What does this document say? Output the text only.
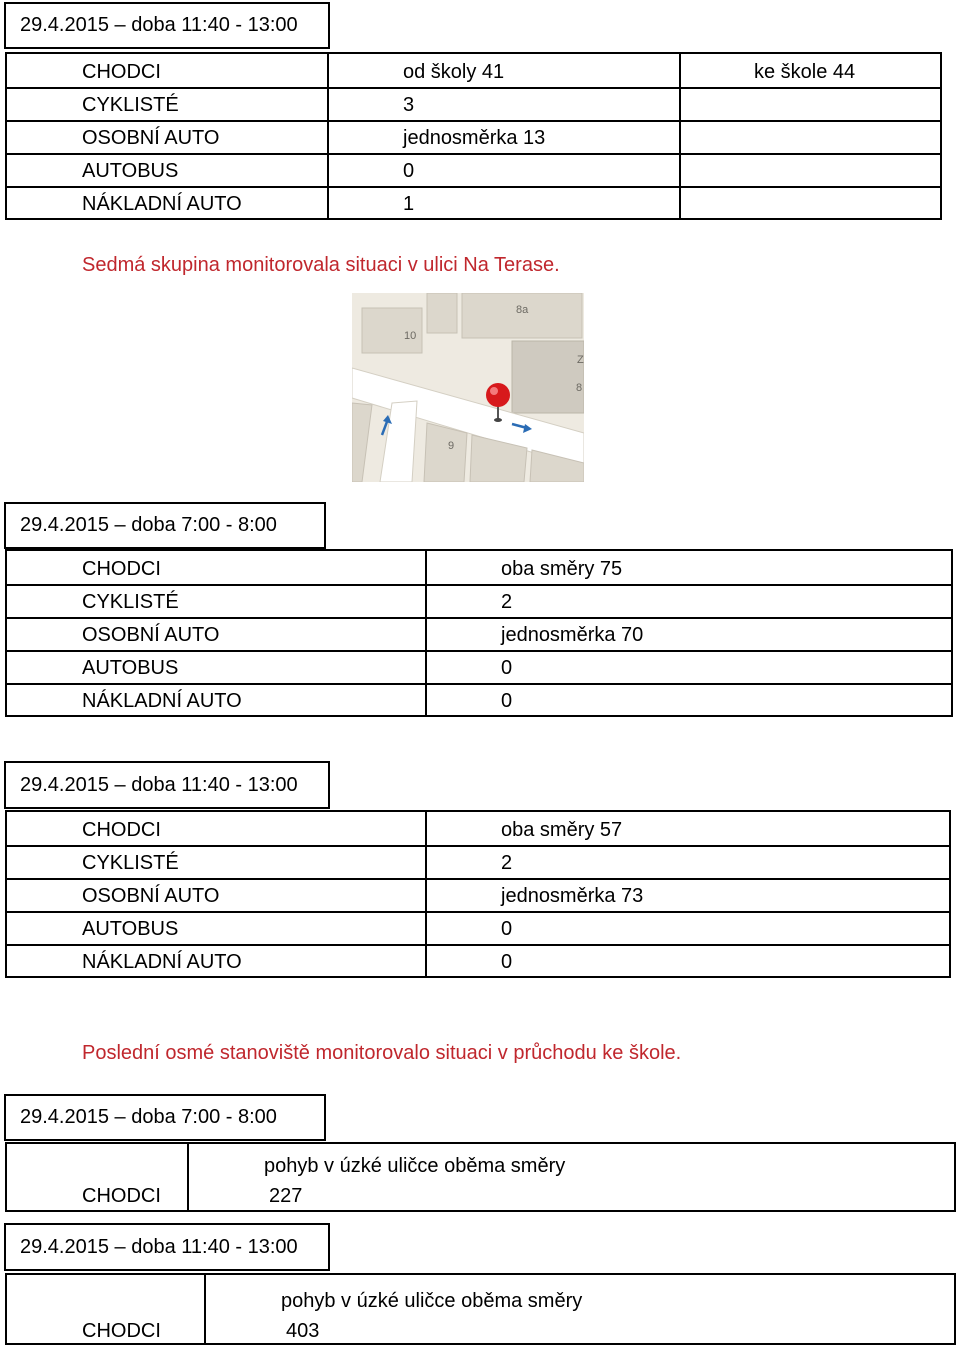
29.4.2015 – doba 11:40 - 13:00
CHODCI	od školy 41	ke škole 44
CYKLISTÉ	3
OSOBNÍ AUTO	jednosměrka 13
AUTOBUS	0
NÁKLADNÍ AUTO	1
Sedmá skupina monitorovala situaci v ulici Na Terase.
8a
10
9
8
Z
29.4.2015 – doba 7:00 - 8:00
CHODCI	oba směry 75
CYKLISTÉ	2
OSOBNÍ AUTO	jednosměrka 70
AUTOBUS	0
NÁKLADNÍ AUTO	0
29.4.2015 – doba 11:40 - 13:00
CHODCI	oba směry 57
CYKLISTÉ	2
OSOBNÍ AUTO	jednosměrka 73
AUTOBUS	0
NÁKLADNÍ AUTO	0
Poslední osmé stanoviště monitorovalo situaci v průchodu ke škole.
29.4.2015 – doba 7:00 - 8:00
CHODCI
pohyb v úzké uličce oběma směry
227
29.4.2015 – doba 11:40 - 13:00
CHODCI
pohyb v úzké uličce oběma směry
403
